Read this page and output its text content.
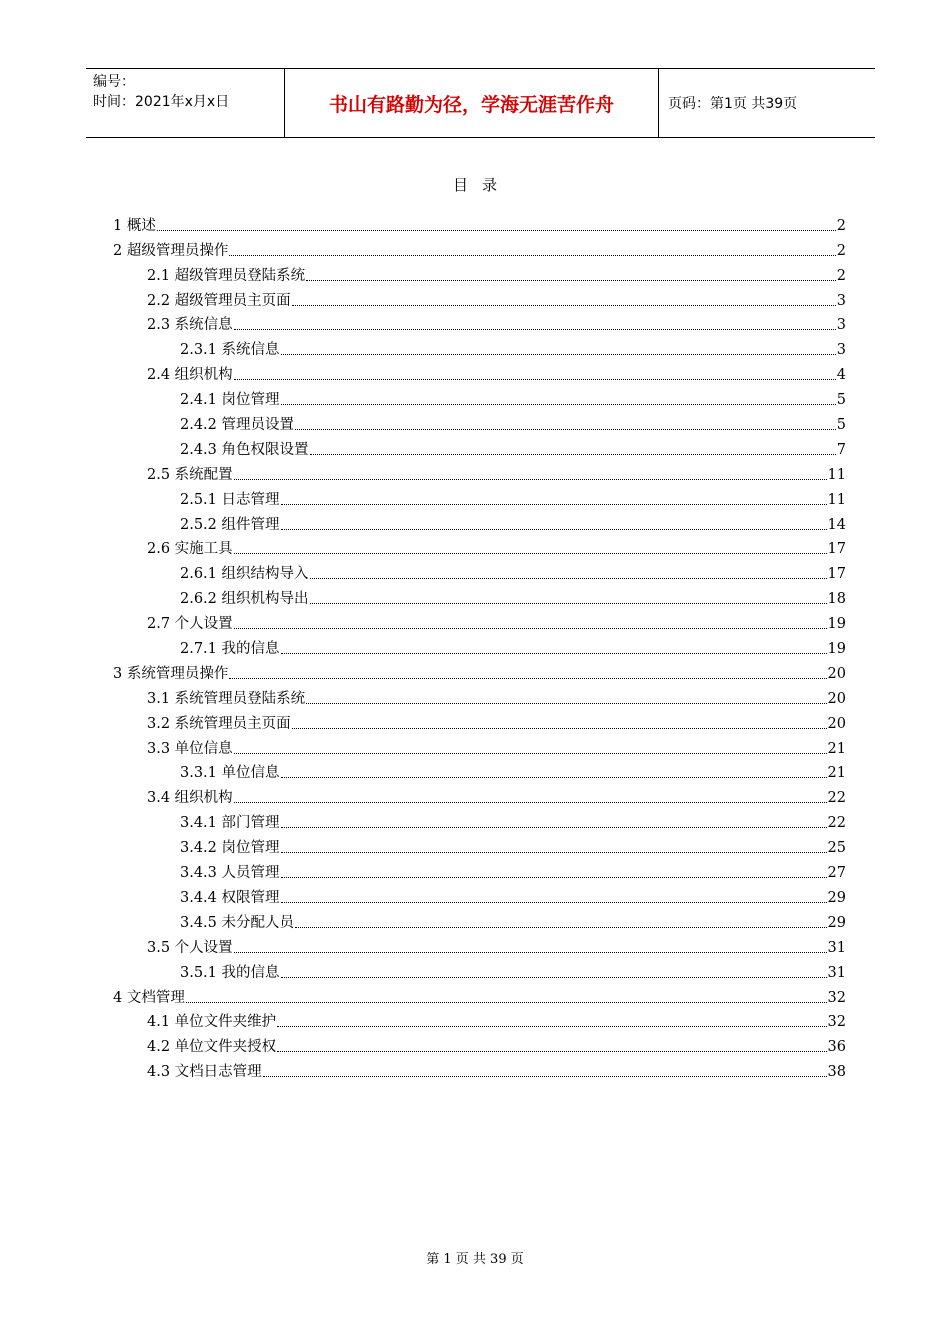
编号：
时间：2021年x月x日	书山有路勤为径，学海无涯苦作舟	页码：第1页 共39页
目录
1 概述	2
2 超级管理员操作	2
2.1 超级管理员登陆系统	2
2.2 超级管理员主页面	3
2.3 系统信息	3
2.3.1 系统信息	3
2.4 组织机构	4
2.4.1 岗位管理	5
2.4.2 管理员设置	5
2.4.3 角色权限设置	7
2.5 系统配置	11
2.5.1 日志管理	11
2.5.2 组件管理	14
2.6 实施工具	17
2.6.1 组织结构导入	17
2.6.2 组织机构导出	18
2.7 个人设置	19
2.7.1 我的信息	19
3 系统管理员操作	20
3.1 系统管理员登陆系统	20
3.2 系统管理员主页面	20
3.3 单位信息	21
3.3.1 单位信息	21
3.4 组织机构	22
3.4.1 部门管理	22
3.4.2 岗位管理	25
3.4.3 人员管理	27
3.4.4 权限管理	29
3.4.5 未分配人员	29
3.5 个人设置	31
3.5.1 我的信息	31
4 文档管理	32
4.1 单位文件夹维护	32
4.2 单位文件夹授权	36
4.3 文档日志管理	38
第 1 页 共 39 页
